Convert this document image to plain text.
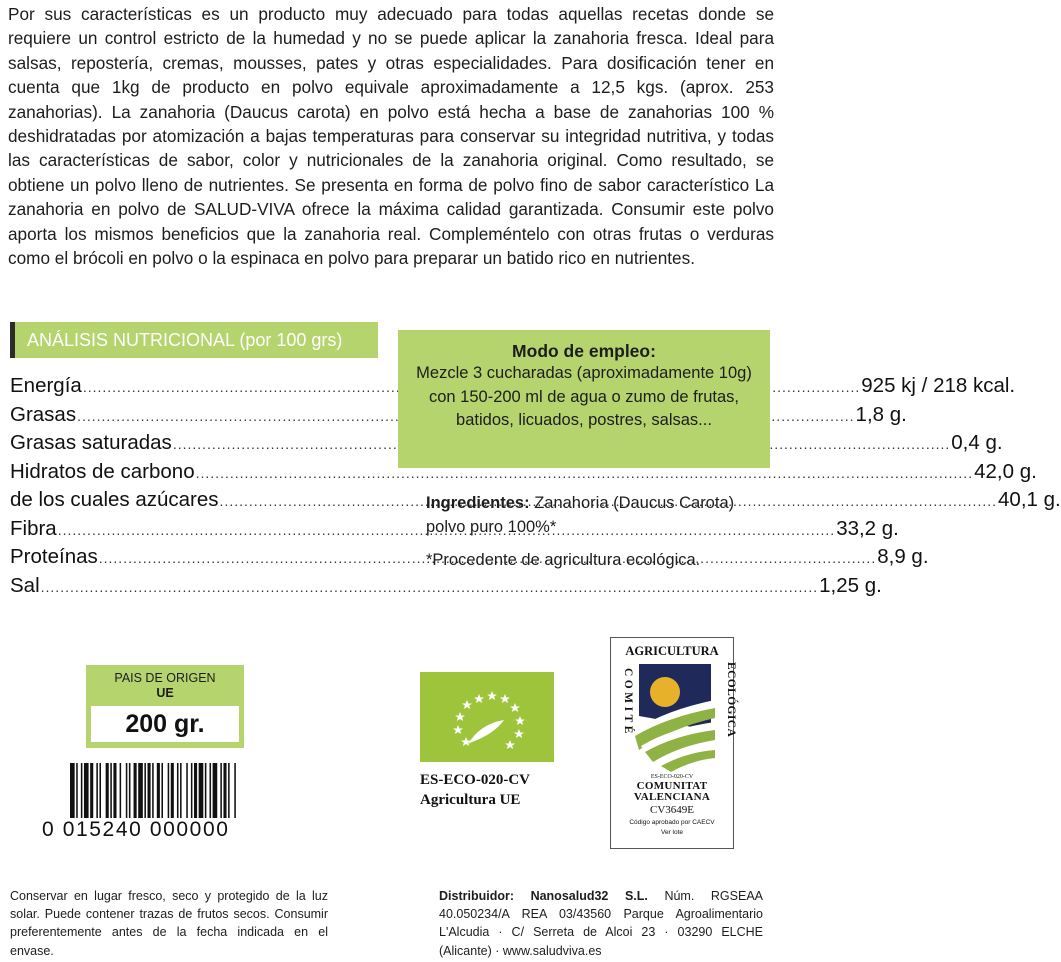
Por sus características es un producto muy adecuado para todas aquellas recetas donde se requiere un control estricto de la humedad y no se puede aplicar la zanahoria fresca. Ideal para salsas, repostería, cremas, mousses, pates y otras especialidades. Para dosificación tener en cuenta que 1kg de producto en polvo equivale aproximadamente a 12,5 kgs. (aprox. 253 zanahorias). La zanahoria (Daucus carota) en polvo está hecha a base de zanahorias 100 % deshidratadas por atomización a bajas temperaturas para conservar su integridad nutritiva, y todas las características de sabor, color y nutricionales de la zanahoria original. Como resultado, se obtiene un polvo lleno de nutrientes. Se presenta en forma de polvo fino de sabor característico La zanahoria en polvo de SALUD-VIVA ofrece la máxima calidad garantizada. Consumir este polvo aporta los mismos beneficios que la zanahoria real. Compleméntelo con otras frutas o verduras como el brócoli en polvo o la espinaca en polvo para preparar un batido rico en nutrientes.

ANÁLISIS NUTRICIONAL (por 100 grs)
Energía .....	925 kj / 218 kcal.
Grasas .....	1,8 g.
Grasas saturadas .....	0,4 g.
Hidratos de carbono .....	42,0 g.
de los cuales azúcares .....	40,1 g.
Fibra .....	33,2 g.
Proteínas .....	8,9 g.
Sal .....	1,25 g.
Modo de empleo:
Mezcle 3 cucharadas (aproximadamente 10g) con 150-200 ml de agua o zumo de frutas, batidos, licuados, postres, salsas...

Ingredientes: Zanahoria (Daucus Carota) polvo puro 100%*

*Procedente de agricultura ecológica.

PAIS DE ORIGEN
UE
200 gr.
0 015240 000000
ES-ECO-020-CV
Agricultura UE
AGRICULTURA
ECOLÓGICA
COMITÉ
ES-ECO-020-CV
COMUNITAT
VALENCIANA
CV3649E
Código aprobado por CAECV
Ver lote

Conservar en lugar fresco, seco y protegido de la luz solar. Puede contener trazas de frutos secos. Consumir preferentemente antes de la fecha indicada en el envase.

Distribuidor: Nanosalud32 S.L. Núm. RGSEAA 40.050234/A REA 03/43560 Parque Agroalimentario L'Alcudia · C/ Serreta de Alcoi 23 · 03290 ELCHE (Alicante) · www.saludviva.es
